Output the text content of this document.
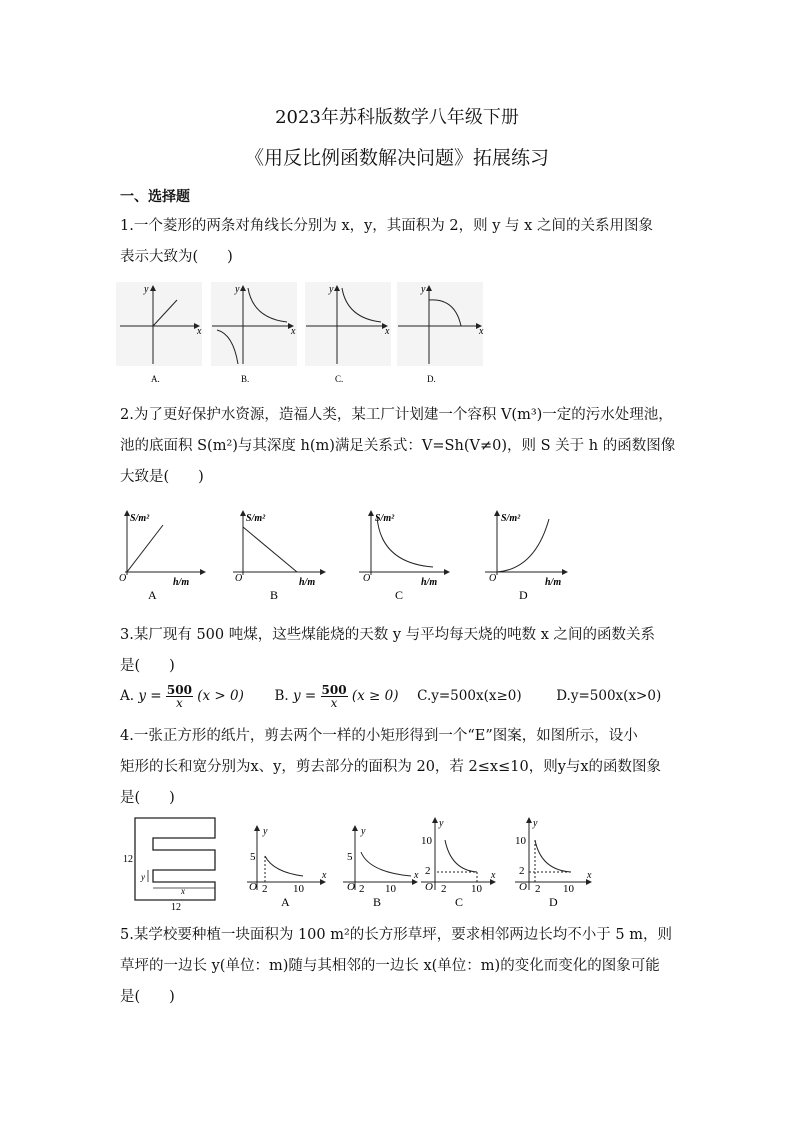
2023年苏科版数学八年级下册
《用反比例函数解决问题》拓展练习
一、选择题
1.一个菱形的两条对角线长分别为 x，y，其面积为 2，则 y 与 x 之间的关系用图象
表示大致为(　　)
y
x
y
x
y
x
y
x
A.	B.	C.	D.
2.为了更好保护水资源，造福人类，某工厂计划建一个容积 V(m³)一定的污水处理池，
池的底面积 S(m²)与其深度 h(m)满足关系式：V=Sh(V≠0)，则 S 关于 h 的函数图像
大致是(　　)
S/m²
h/m
O
A
S/m²
h/m
O
B
S/m²
h/m
O
C
S/m²
h/m
O
D
3.某厂现有 500 吨煤，这些煤能烧的天数 y 与平均每天烧的吨数 x 之间的函数关系
是(　　)
A. $y = \frac{500}{x} (x > 0)$ B. $y = \frac{500}{x} (x \ge 0)$ C.y=500x(x≥0)	D.y=500x(x>0)
4.一张正方形的纸片，剪去两个一样的小矩形得到一个“E”图案，如图所示，设小
矩形的长和宽分别为x、y，剪去部分的面积为 20，若 2≤x≤10，则y与x的函数图象
是(　　)
12
12
y
x
y
x
O
5
2 10
A
y
x
O
5
2 10
B
y
x
O
10
2
2 10
C
y
x
O
10
2
2 10
D
5.某学校要种植一块面积为 100 m²的长方形草坪，要求相邻两边长均不小于 5 m，则
草坪的一边长 y(单位：m)随与其相邻的一边长 x(单位：m)的变化而变化的图象可能
是(　　)
